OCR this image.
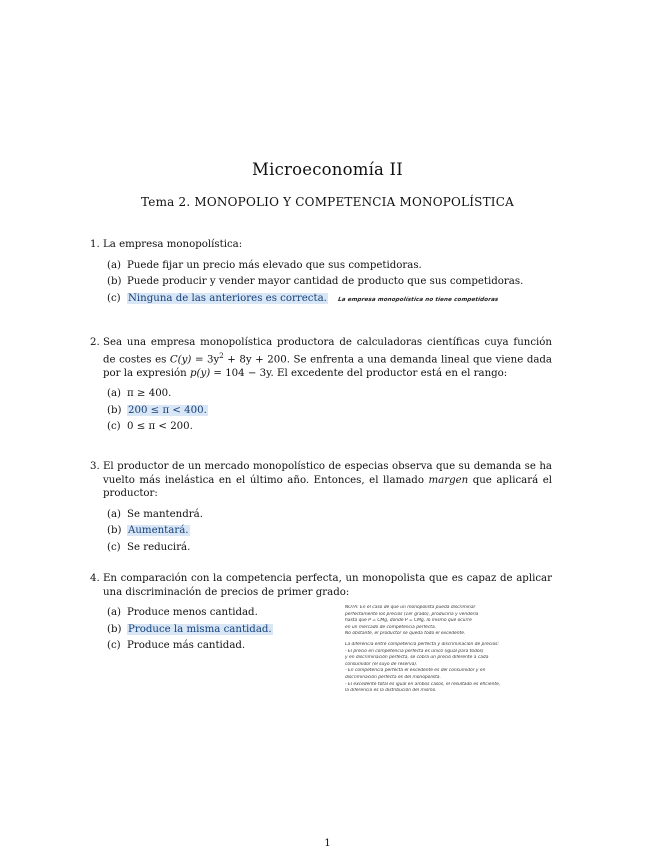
Microeconomía II
Tema 2. MONOPOLIO Y COMPETENCIA MONOPOLÍSTICA
1. La empresa monopolística:
(a) Puede fijar un precio más elevado que sus competidoras.
(b) Puede producir y vender mayor cantidad de producto que sus competidoras.
(c) Ninguna de las anteriores es correcta. La empresa monopolística no tiene competidoras
2. Sea una empresa monopolística productora de calculadoras científicas cuya función de costes es $C(y) = 3y^2 + 8y + 200$. Se enfrenta a una demanda lineal que viene dada por la expresión p(y) = 104 − 3y. El excedente del productor está en el rango:
(a) π ≥ 400.
(b) 200 ≤ π < 400.
(c) 0 ≤ π < 200.
3. El productor de un mercado monopolístico de especias observa que su demanda se ha vuelto más inelástica en el último año. Entonces, el llamado margen que aplicará el productor:
(a) Se mantendrá.
(b) Aumentará.
(c) Se reducirá.
4. En comparación con la competencia perfecta, un monopolista que es capaz de aplicar una discriminación de precios de primer grado:
(a) Produce menos cantidad.
(b) Produce la misma cantidad.
(c) Produce más cantidad.
NOTA: En el caso de que un monopolista pueda discriminar
perfectamente los precios (1er grado), produciría y vendería
hasta que P = CMg, donde P = CMg, lo mismo que ocurre
en un mercado de competencia perfecta.
No obstante, el productor se queda todo el excedente.
La diferencia entre competencia perfecta y discriminación de precios:
- El precio en competencia perfecta es único (igual para todos)
y en discriminación perfecta, se cobra un precio diferente a cada
consumidor (el suyo de reserva).
- En competencia perfecta el excedente es del consumidor y en
discriminación perfecta es del monopolista.
- El excedente total es igual en ambos casos, el resultado es eficiente,
la diferencia es la distribución del mismo.
1
